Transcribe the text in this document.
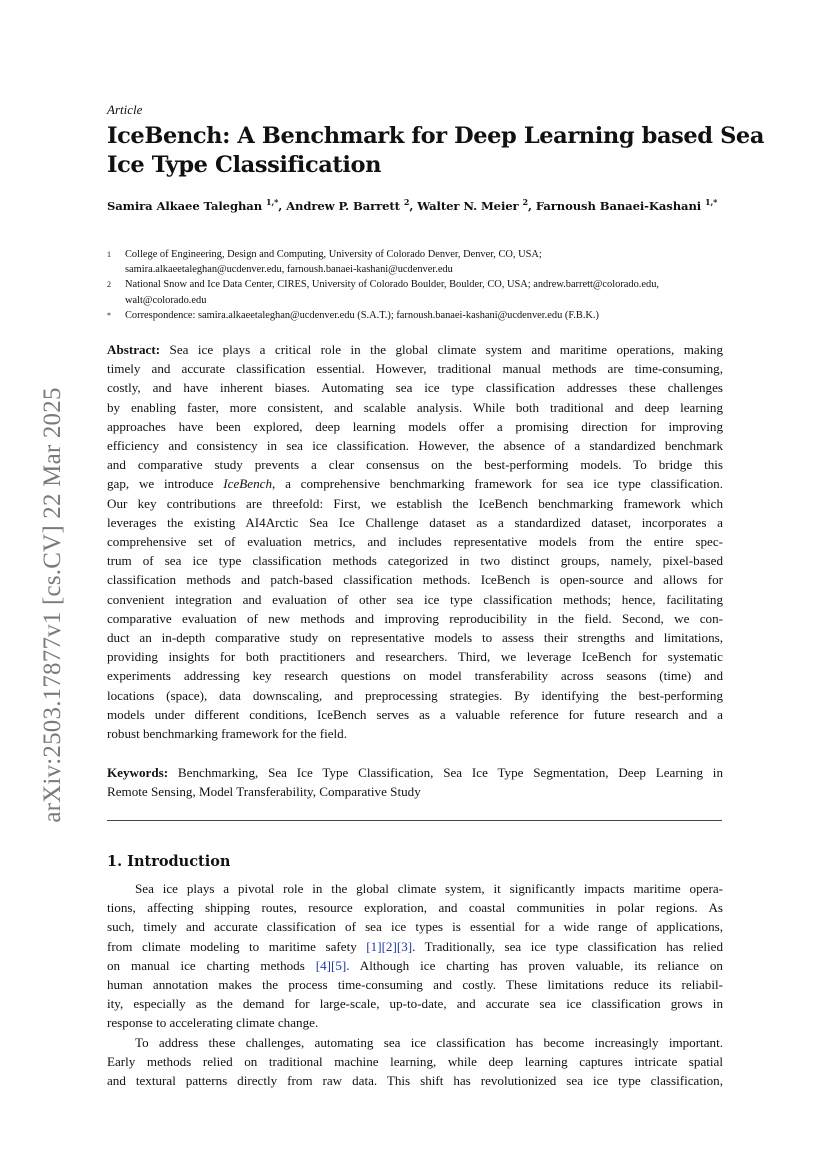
arXiv:2503.17877v1 [cs.CV] 22 Mar 2025
Article
IceBench: A Benchmark for Deep Learning based Sea
Ice Type Classification
Samira Alkaee Taleghan $^{1,*}$, Andrew P. Barrett $^2$, Walter N. Meier $^2$, Farnoush Banaei-Kashani $^{1,*}$
1	College of Engineering, Design and Computing, University of Colorado Denver, Denver, CO, USA;
samira.alkaeetaleghan@ucdenver.edu, farnoush.banaei-kashani@ucdenver.edu
2	National Snow and Ice Data Center, CIRES, University of Colorado Boulder, Boulder, CO, USA; andrew.barrett@colorado.edu,
walt@colorado.edu
*	Correspondence: samira.alkaeetaleghan@ucdenver.edu (S.A.T.); farnoush.banaei-kashani@ucdenver.edu (F.B.K.)
Abstract: Sea ice plays a critical role in the global climate system and maritime operations, making
timely and accurate classification essential. However, traditional manual methods are time-consuming,
costly, and have inherent biases. Automating sea ice type classification addresses these challenges
by enabling faster, more consistent, and scalable analysis. While both traditional and deep learning
approaches have been explored, deep learning models offer a promising direction for improving
efficiency and consistency in sea ice classification. However, the absence of a standardized benchmark
and comparative study prevents a clear consensus on the best-performing models. To bridge this
gap, we introduce IceBench, a comprehensive benchmarking framework for sea ice type classification.
Our key contributions are threefold: First, we establish the IceBench benchmarking framework which
leverages the existing AI4Arctic Sea Ice Challenge dataset as a standardized dataset, incorporates a
comprehensive set of evaluation metrics, and includes representative models from the entire spec-
trum of sea ice type classification methods categorized in two distinct groups, namely, pixel-based
classification methods and patch-based classification methods. IceBench is open-source and allows for
convenient integration and evaluation of other sea ice type classification methods; hence, facilitating
comparative evaluation of new methods and improving reproducibility in the field. Second, we con-
duct an in-depth comparative study on representative models to assess their strengths and limitations,
providing insights for both practitioners and researchers. Third, we leverage IceBench for systematic
experiments addressing key research questions on model transferability across seasons (time) and
locations (space), data downscaling, and preprocessing strategies. By identifying the best-performing
models under different conditions, IceBench serves as a valuable reference for future research and a
robust benchmarking framework for the field.
Keywords: Benchmarking, Sea Ice Type Classification, Sea Ice Type Segmentation, Deep Learning in
Remote Sensing, Model Transferability, Comparative Study
1. Introduction
Sea ice plays a pivotal role in the global climate system, it significantly impacts maritime opera-
tions, affecting shipping routes, resource exploration, and coastal communities in polar regions. As
such, timely and accurate classification of sea ice types is essential for a wide range of applications,
from climate modeling to maritime safety [1][2][3]. Traditionally, sea ice type classification has relied
on manual ice charting methods [4][5]. Although ice charting has proven valuable, its reliance on
human annotation makes the process time-consuming and costly. These limitations reduce its reliabil-
ity, especially as the demand for large-scale, up-to-date, and accurate sea ice classification grows in
response to accelerating climate change.
To address these challenges, automating sea ice classification has become increasingly important.
Early methods relied on traditional machine learning, while deep learning captures intricate spatial
and textural patterns directly from raw data. This shift has revolutionized sea ice type classification,
